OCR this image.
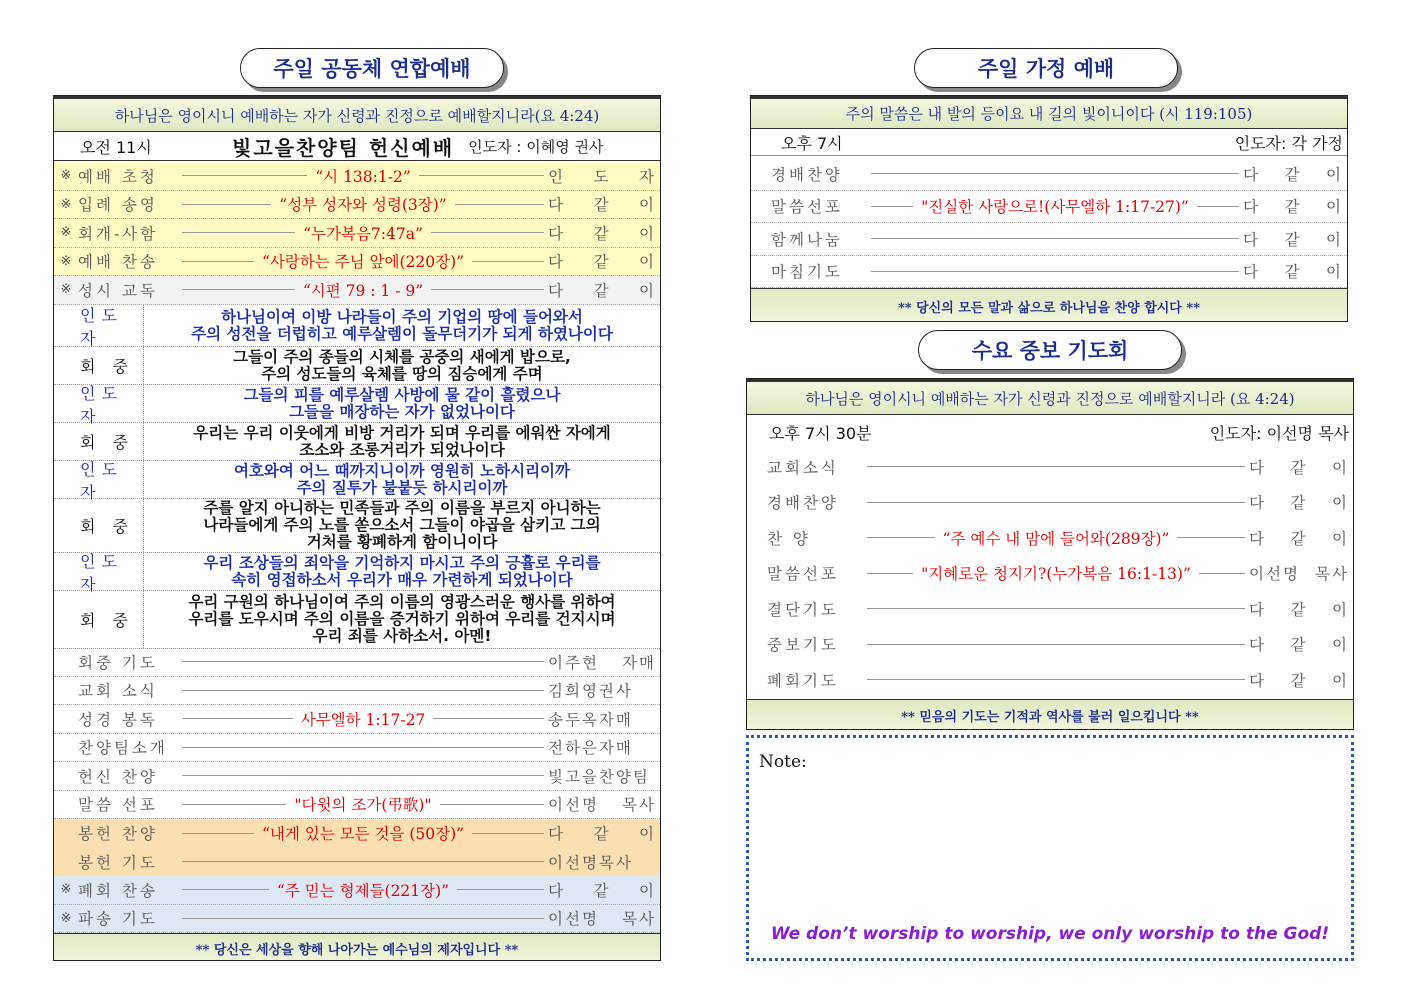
주일 공동체 연합예배
하나님은 영이시니 예배하는 자가 신령과 진정으로 예배할지니라(요 4:24)
오전 11시	빛고을찬양팀 헌신예배 인도자 : 이혜영 권사
※ 예배 초청	“시 138:1-2”	인 도 자
※ 입례 송영	“성부 성자와 성령(3장)”	다 같 이
※ 회개-사함	“누가복음7:47a”	다 같 이
※ 예배 찬송	“사랑하는 주님 앞에(220장)”	다 같 이
※ 성시 교독	“시편 79 : 1 - 9”	다 같 이
인도자
하나님이여 이방 나라들이 주의 기업의 땅에 들어와서
주의 성전을 더럽히고 예루살렘이 돌무더기가 되게 하였나이다
회 중
그들이 주의 종들의 시체를 공중의 새에게 밥으로,
주의 성도들의 육체를 땅의 짐승에게 주며
인도자
그들의 피를 예루살렘 사방에 물 같이 흘렸으나
그들을 매장하는 자가 없었나이다
회 중
우리는 우리 이웃에게 비방 거리가 되며 우리를 에워싼 자에게
조소와 조롱거리가 되었나이다
인도자
여호와여 어느 때까지니이까 영원히 노하시리이까
주의 질투가 불붙듯 하시리이까
회 중
주를 알지 아니하는 민족들과 주의 이름을 부르지 아니하는
나라들에게 주의 노를 쏟으소서 그들이 야곱을 삼키고 그의
거처를 황폐하게 함이니이다
인도자
우리 조상들의 죄악을 기억하지 마시고 주의 긍휼로 우리를
속히 영접하소서 우리가 매우 가련하게 되었나이다
회 중
우리 구원의 하나님이여 주의 이름의 영광스러운 행사를 위하여
우리를 도우시며 주의 이름을 증거하기 위하여 우리를 건지시며
우리 죄를 사하소서. 아멘!
회중 기도	이주현 자매
교회 소식	김희영권사
성경 봉독	사무엘하 1:17-27	송두옥자매
찬양팀소개	전하은자매
헌신 찬양	빛고을찬양팀
말씀 선포	"다윗의 조가(弔歌)"	이선명 목사
봉헌 찬양	“내게 있는 모든 것을 (50장)”	다 같 이
봉헌 기도	이선명목사
※ 폐회 찬송	“주 믿는 형제들(221장)”	다 같 이
※ 파송 기도	이선명 목사
** 당신은 세상을 향해 나아가는 예수님의 제자입니다 **
주일 가정 예배
주의 말씀은 내 발의 등이요 내 길의 빛이니이다 (시 119:105)
오후 7시	인도자: 각 가정
경배찬양	다 같 이
말씀선포	"진실한 사랑으로!(사무엘하 1:17-27)”	다 같 이
함께나눔	다 같 이
마침기도	다 같 이
** 당신의 모든 말과 삶으로 하나님을 찬양 합시다 **
수요 중보 기도회
하나님은 영이시니 예배하는 자가 신령과 진정으로 예배할지니라 (요 4:24)
오후 7시 30분	인도자: 이선명 목사
교회소식	다 같 이
경배찬양	다 같 이
찬 양	“주 예수 내 맘에 들어와(289장)”	다 같 이
말씀선포	"지혜로운 청지기?(누가복음 16:1-13)”	이선명 목사
결단기도	다 같 이
중보기도	다 같 이
폐회기도	다 같 이
** 믿음의 기도는 기적과 역사를 불러 일으킵니다 **
Note:
We don’t worship to worship, we only worship to the God!
